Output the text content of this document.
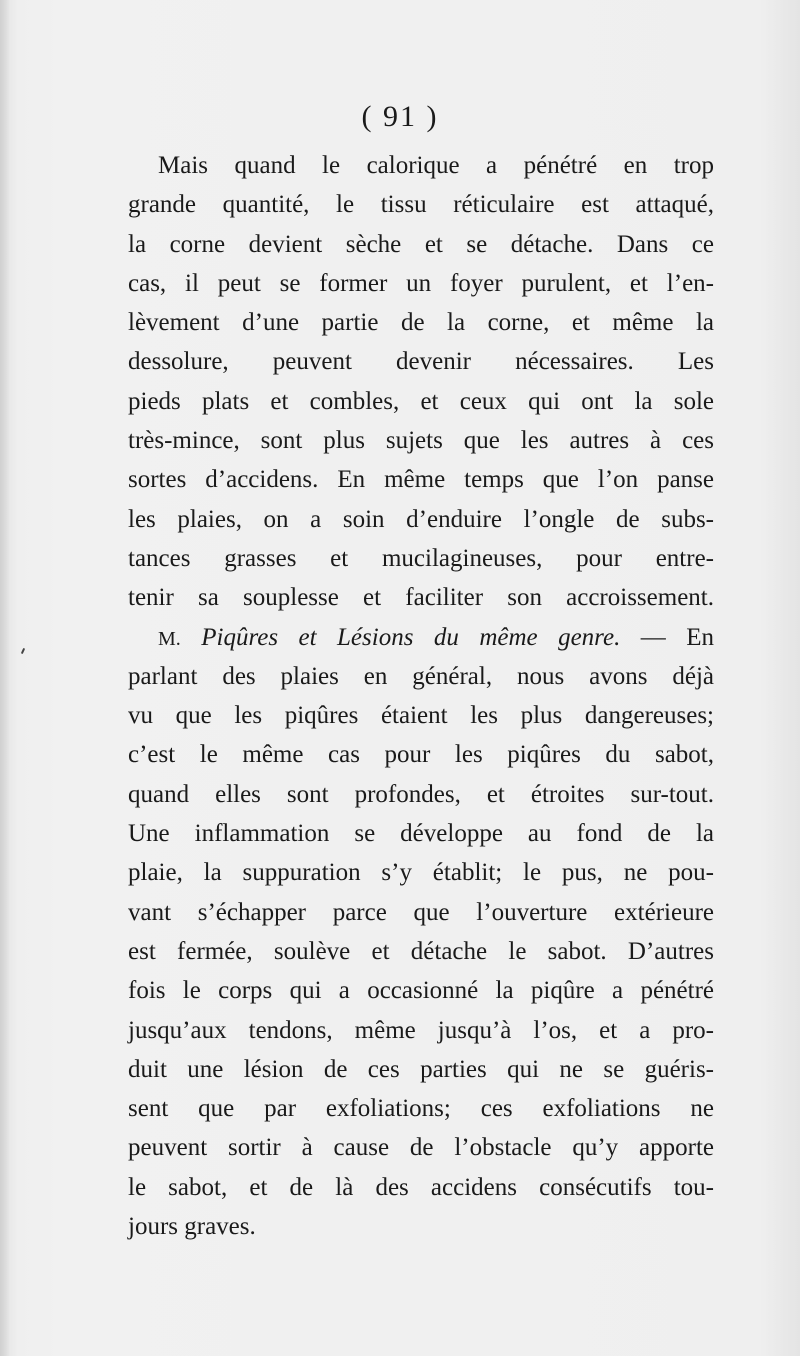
( 91 )
Mais quand le calorique a pénétré en trop
grande quantité, le tissu réticulaire est attaqué,
la corne devient sèche et se détache. Dans ce
cas, il peut se former un foyer purulent, et l’en-
lèvement d’une partie de la corne, et même la
dessolure, peuvent devenir nécessaires. Les
pieds plats et combles, et ceux qui ont la sole
très-mince, sont plus sujets que les autres à ces
sortes d’accidens. En même temps que l’on panse
les plaies, on a soin d’enduire l’ongle de subs-
tances grasses et mucilagineuses, pour entre-
tenir sa souplesse et faciliter son accroissement.
M. Piqûres et Lésions du même genre. — En
parlant des plaies en général, nous avons déjà
vu que les piqûres étaient les plus dangereuses;
c’est le même cas pour les piqûres du sabot,
quand elles sont profondes, et étroites sur-tout.
Une inflammation se développe au fond de la
plaie, la suppuration s’y établit; le pus, ne pou-
vant s’échapper parce que l’ouverture extérieure
est fermée, soulève et détache le sabot. D’autres
fois le corps qui a occasionné la piqûre a pénétré
jusqu’aux tendons, même jusqu’à l’os, et a pro-
duit une lésion de ces parties qui ne se guéris-
sent que par exfoliations; ces exfoliations ne
peuvent sortir à cause de l’obstacle qu’y apporte
le sabot, et de là des accidens consécutifs tou-
jours graves.
